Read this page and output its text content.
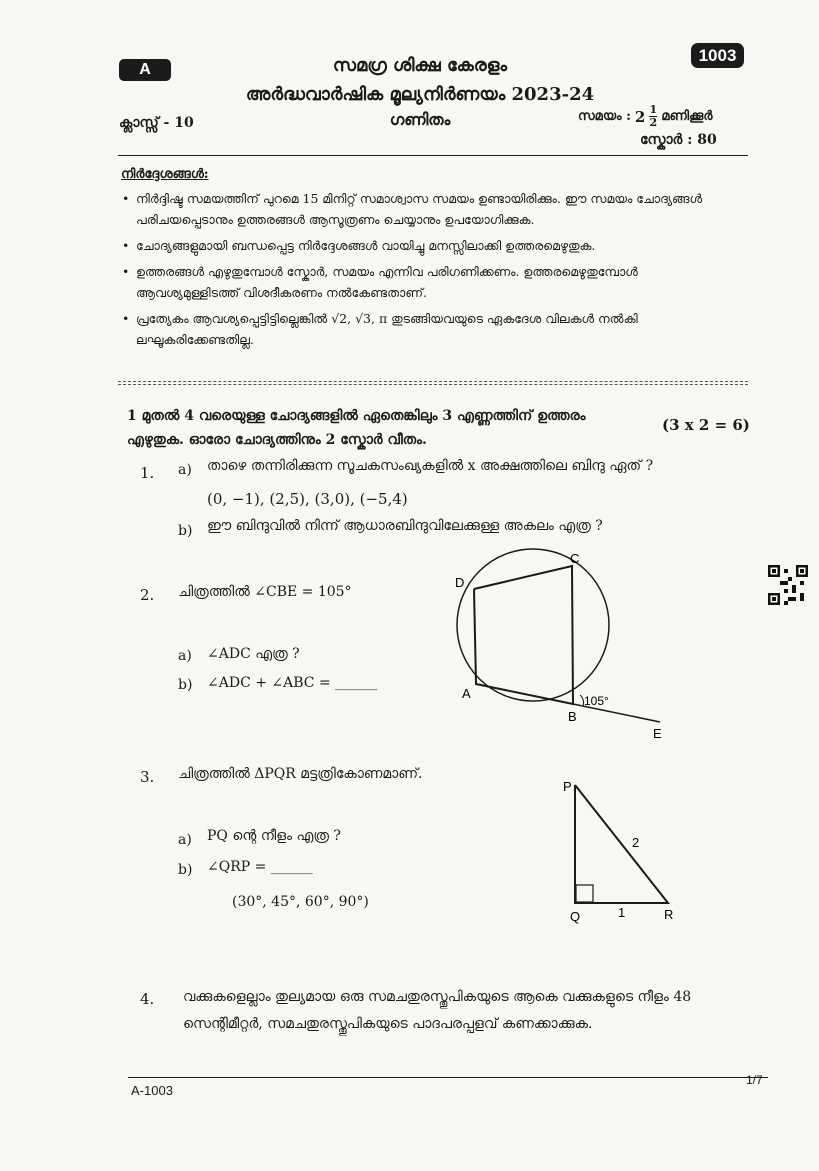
A
1003
സമഗ്ര ശിക്ഷ കേരളം
അർദ്ധവാർഷിക മൂല്യനിർണയം 2023-24
ഗണിതം
ക്ലാസ്സ് - 10	സമയം : $2 \frac{1}{2}$ മണിക്കൂർ
സ്കോർ : 80
നിർദ്ദേശങ്ങൾ:
• നിർദ്ദിഷ്ട സമയത്തിന് പുറമെ 15 മിനിറ്റ് സമാശ്വാസ സമയം ഉണ്ടായിരിക്കും. ഈ സമയം ചോദ്യങ്ങൾ പരിചയപ്പെടാനും ഉത്തരങ്ങൾ ആസൂത്രണം ചെയ്യാനും ഉപയോഗിക്കുക.
• ചോദ്യങ്ങളുമായി ബന്ധപ്പെട്ട നിർദ്ദേശങ്ങൾ വായിച്ചു മനസ്സിലാക്കി ഉത്തരമെഴുതുക.
• ഉത്തരങ്ങൾ എഴുതുമ്പോൾ സ്കോർ, സമയം എന്നിവ പരിഗണിക്കണം. ഉത്തരമെഴുതുമ്പോൾ ആവശ്യമുള്ളിടത്ത് വിശദീകരണം നൽകേണ്ടതാണ്.
• പ്രത്യേകം ആവശ്യപ്പെട്ടിട്ടില്ലെങ്കിൽ √2, √3, π തുടങ്ങിയവയുടെ ഏകദേശ വിലകൾ നൽകി ലഘൂകരിക്കേണ്ടതില്ല.
1 മുതൽ 4 വരെയുള്ള ചോദ്യങ്ങളിൽ ഏതെങ്കിലും 3 എണ്ണത്തിന് ഉത്തരം എഴുതുക. ഓരോ ചോദ്യത്തിനും 2 സ്കോർ വീതം.
(3 x 2 = 6)
1. a) താഴെ തന്നിരിക്കുന്ന സൂചകസംഖ്യകളിൽ x അക്ഷത്തിലെ ബിന്ദു ഏത് ?
(0, −1), (2,5), (3,0), (−5,4)
b) ഈ ബിന്ദുവിൽ നിന്ന് ആധാരബിന്ദുവിലേക്കുള്ള അകലം എത്ര ?
2. ചിത്രത്തിൽ ∠CBE = 105°
a) ∠ADC എത്ര ?
b) ∠ADC + ∠ABC = ______
D
C
A
B
E
105°
3. ചിത്രത്തിൽ ΔPQR മട്ടത്രികോണമാണ്.
a) PQ ന്റെ നീളം എത്ര ?
b) ∠QRP = ______
(30°, 45°, 60°, 90°)
P
Q	R
2
1
4. വക്കുകളെല്ലാം തുല്യമായ ഒരു സമചതുരസ്തൂപികയുടെ ആകെ വക്കുകളുടെ നീളം 48 സെന്റിമീറ്റർ, സമചതുരസ്തൂപികയുടെ പാദപരപ്പളവ് കണക്കാക്കുക.
A-1003
1/7
